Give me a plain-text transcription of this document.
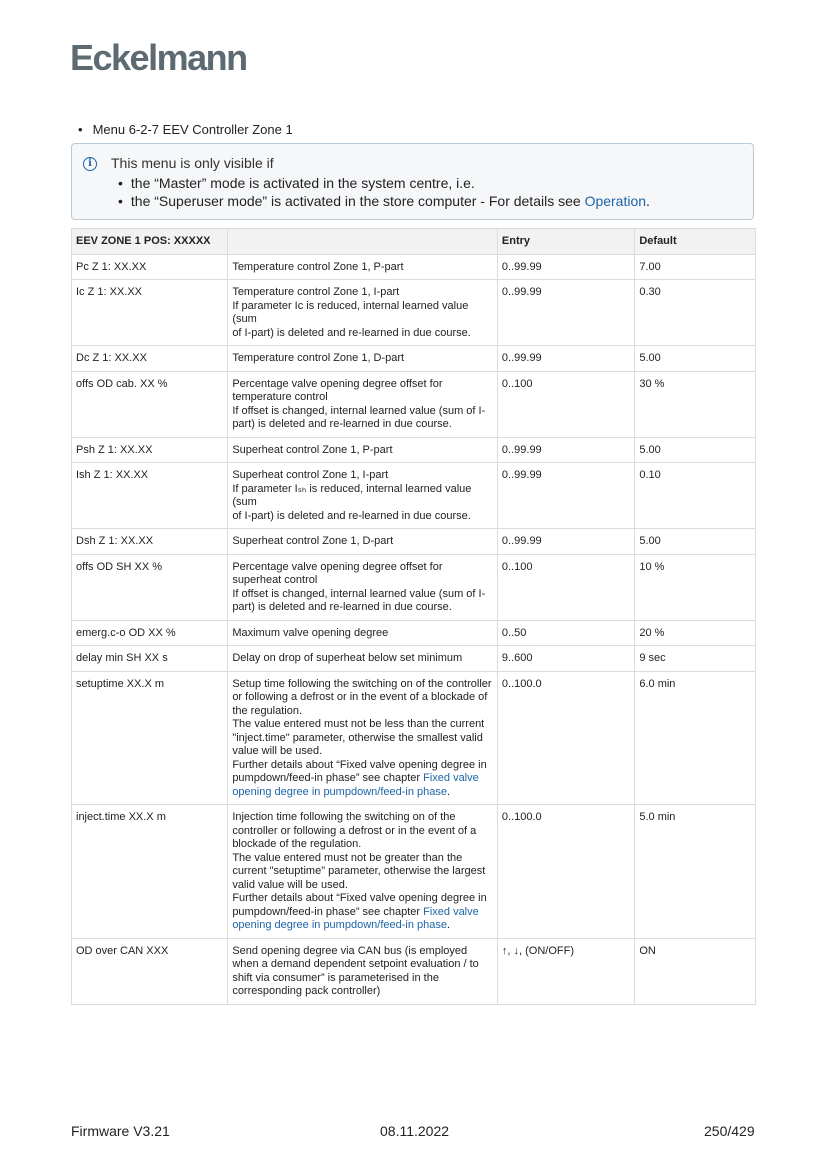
Eckelmann
• Menu 6-2-7 EEV Controller Zone 1
i	This menu is only visible if
• the “Master” mode is activated in the system centre, i.e.
• the “Superuser mode” is activated in the store computer - For details see Operation.
EEV ZONE 1 POS: XXXXX		Entry	Default
Pc Z 1: XX.XX	Temperature control Zone 1, P-part	0..99.99	7.00
Ic Z 1: XX.XX	Temperature control Zone 1, I-part
If parameter Iᴄ is reduced, internal learned value (sum
of I-part) is deleted and re-learned in due course.	0..99.99	0.30
Dc Z 1: XX.XX	Temperature control Zone 1, D-part	0..99.99	5.00
offs OD cab. XX %	Percentage valve opening degree offset for temperature control
If offset is changed, internal learned value (sum of I-part) is deleted and re-learned in due course.	0..100	30 %
Psh Z 1: XX.XX	Superheat control Zone 1, P-part	0..99.99	5.00
Ish Z 1: XX.XX	Superheat control Zone 1, I-part
If parameter Iₛₕ is reduced, internal learned value (sum
of I-part) is deleted and re-learned in due course.	0..99.99	0.10
Dsh Z 1: XX.XX	Superheat control Zone 1, D-part	0..99.99	5.00
offs OD SH XX %	Percentage valve opening degree offset for superheat control
If offset is changed, internal learned value (sum of I-part) is deleted and re-learned in due course.	0..100	10 %
emerg.c-o OD XX %	Maximum valve opening degree	0..50	20 %
delay min SH XX s	Delay on drop of superheat below set minimum	9..600	9 sec
setuptime XX.X m	Setup time following the switching on of the controller or following a defrost or in the event of a blockade of the regulation.
The value entered must not be less than the current "inject.time" parameter, otherwise the smallest valid value will be used.
Further details about “Fixed valve opening degree in pumpdown/feed-in phase” see chapter Fixed valve opening degree in pumpdown/feed-in phase.	0..100.0	6.0 min
inject.time XX.X m	Injection time following the switching on of the controller or following a defrost or in the event of a blockade of the regulation.
The value entered must not be greater than the current "setuptime" parameter, otherwise the largest valid value will be used.
Further details about “Fixed valve opening degree in pumpdown/feed-in phase” see chapter Fixed valve opening degree in pumpdown/feed-in phase.	0..100.0	5.0 min
OD over CAN XXX	Send opening degree via CAN bus (is employed when a demand dependent setpoint evaluation / to shift via consumer” is parameterised in the corresponding pack controller)	↑, ↓, (ON/OFF)	ON
Firmware V3.21	08.11.2022	250/429
